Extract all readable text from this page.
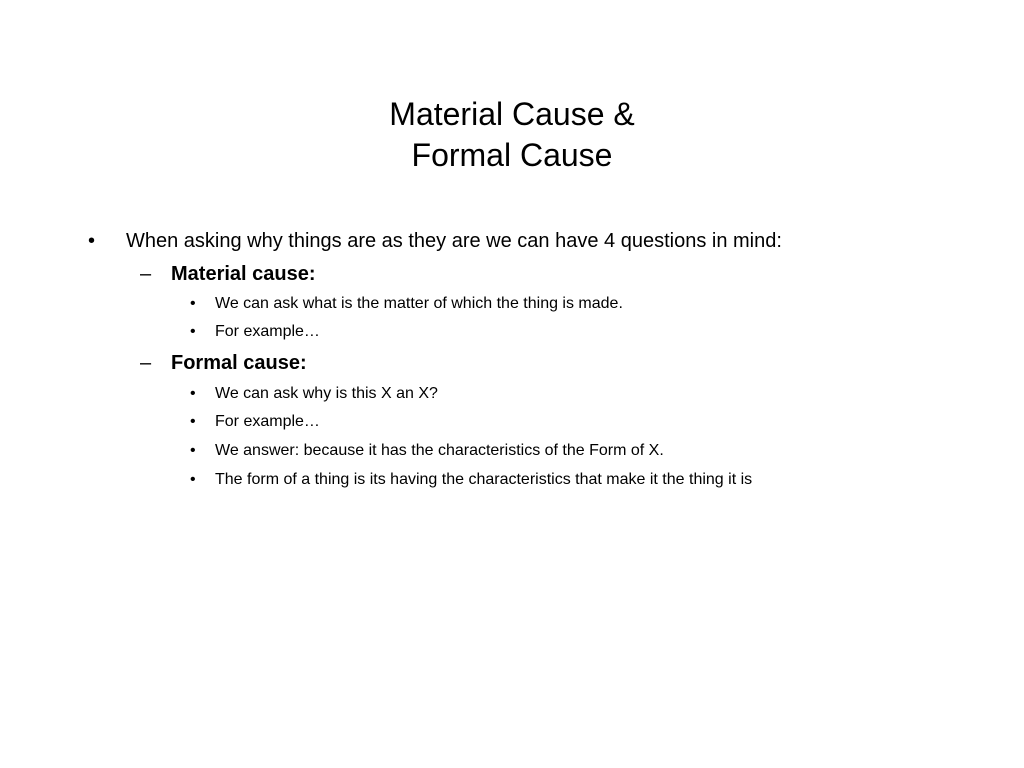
Material Cause &
Formal Cause
• When asking why things are as they are we can have 4 questions in mind:
– Material cause:
• We can ask what is the matter of which the thing is made.
• For example…
– Formal cause:
• We can ask why is this X an X?
• For example…
• We answer: because it has the characteristics of the Form of X.
• The form of a thing is its having the characteristics that make it the thing it is
